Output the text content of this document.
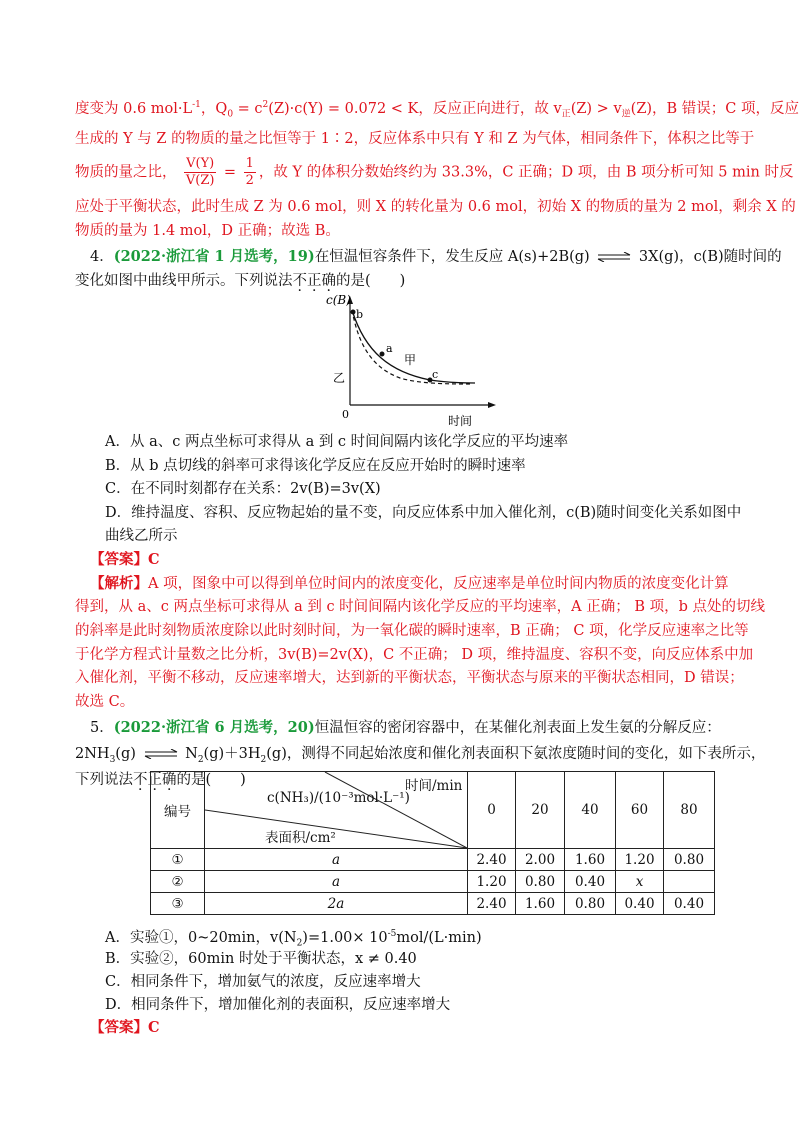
度变为 0.6 $mol\cdot L^{-1}$，$Q_0 = c^2(Z)\cdot c(Y) = 0.072 < K$，反应正向进行，故 $v_正(Z) > v_逆(Z)$，B 错误；C 项，反应
生成的 Y 与 Z 的物质的量之比恒等于 1∶2，反应体系中只有 Y 和 Z 为气体，相同条件下，体积之比等于
物质的量之比， $\frac{V(Y)}{V(Z)} = \frac{1}{2}$ ，故 Y 的体积分数始终约为 33.3%，C 正确；D 项，由 B 项分析可知 5 min 时反
应处于平衡状态，此时生成 Z 为 0.6 mol，则 X 的转化量为 0.6 mol，初始 X 的物质的量为 2 mol，剩余 X 的
物质的量为 1.4 mol，D 正确；故选 B。
4．(2022·浙江省 1 月选考，19)在恒温恒容条件下，发生反应 A(s)+2B(g) ⇌ 3X(g)，c(B)随时间的
变化如图中曲线甲所示。下列说法不正确的是(　　)
c(B)
b
a
甲
c
乙
0	时间
A．从 a、c 两点坐标可求得从 a 到 c 时间间隔内该化学反应的平均速率
B．从 b 点切线的斜率可求得该化学反应在反应开始时的瞬时速率
C．在不同时刻都存在关系：2v(B)=3v(X)
D．维持温度、容积、反应物起始的量不变，向反应体系中加入催化剂，c(B)随时间变化关系如图中
曲线乙所示
【答案】C
【解析】A 项，图象中可以得到单位时间内的浓度变化，反应速率是单位时间内物质的浓度变化计算
得到，从 a、c 两点坐标可求得从 a 到 c 时间间隔内该化学反应的平均速率，A 正确； B 项，b 点处的切线
的斜率是此时刻物质浓度除以此时刻时间，为一氧化碳的瞬时速率，B 正确； C 项，化学反应速率之比等
于化学方程式计量数之比分析，3v(B)=2v(X)，C 不正确； D 项，维持温度、容积不变，向反应体系中加
入催化剂，平衡不移动，反应速率增大，达到新的平衡状态，平衡状态与原来的平衡状态相同，D 错误；
故选 C。
5．(2022·浙江省 6 月选考，20)恒温恒容的密闭容器中，在某催化剂表面上发生氨的分解反应：
$2NH_3(g)$ ⇌ $N_2(g)+3H_2(g)$，测得不同起始浓度和催化剂表面积下氨浓度随时间的变化，如下表所示，
下列说法不正确的是(　　)
编号	时间/min
c(NH₃)/(10⁻³mol·L⁻¹)
表面积/cm²	0	20	40	60	80
①	a	2.40	2.00	1.60	1.20	0.80
②	a	1.20	0.80	0.40	x	
③	2a	2.40	1.60	0.80	0.40	0.40
A．实验①，0~20min，$v(N_2)=1.00\times 10^{-5}mol/(L\cdot\min)$
B．实验②，60min 时处于平衡状态，x ≠ 0.40
C．相同条件下，增加氨气的浓度，反应速率增大
D．相同条件下，增加催化剂的表面积，反应速率增大
【答案】C
